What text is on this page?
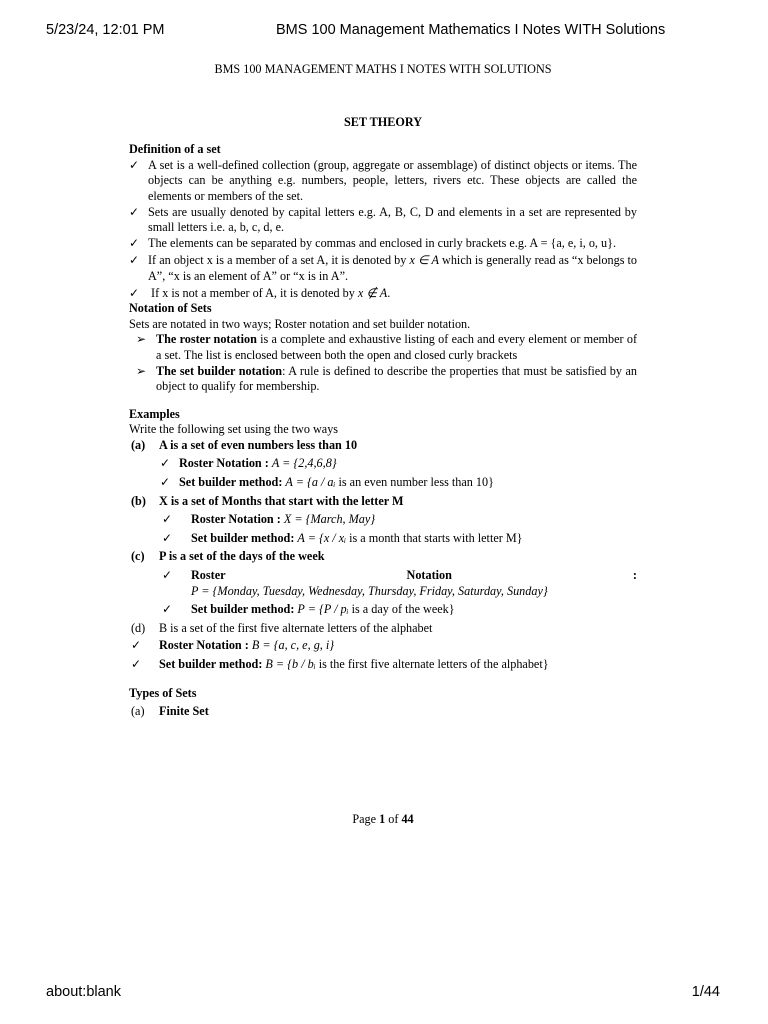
5/23/24, 12:01 PM	BMS 100 Management Mathematics I Notes WITH Solutions
BMS 100 MANAGEMENT MATHS I NOTES WITH SOLUTIONS
SET THEORY
Definition of a set
✓ A set is a well-defined collection (group, aggregate or assemblage) of distinct objects or items. The objects can be anything e.g. numbers, people, letters, rivers etc. These objects are called the elements or members of the set.
✓ Sets are usually denoted by capital letters e.g. A, B, C, D and elements in a set are represented by small letters i.e. a, b, c, d, e.
✓ The elements can be separated by commas and enclosed in curly brackets e.g. A = {a, e, i, o, u}.
✓ If an object x is a member of a set A, it is denoted by x ∈ A which is generally read as “x belongs to A”, “x is an element of A” or “x is in A”.
✓ If x is not a member of A, it is denoted by x ∉ A.
Notation of Sets
Sets are notated in two ways; Roster notation and set builder notation.
➢ The roster notation is a complete and exhaustive listing of each and every element or member of a set. The list is enclosed between both the open and closed curly brackets
➢ The set builder notation: A rule is defined to describe the properties that must be satisfied by an object to qualify for membership.
Examples
Write the following set using the two ways
(a) A is a set of even numbers less than 10
✓ Roster Notation : A = {2,4,6,8}
✓ Set builder method: A = {a / aᵢ is an even number less than 10}
(b) X is a set of Months that start with the letter M
✓ Roster Notation : X = {March, May}
✓ Set builder method: A = {x / xᵢ is a month that starts with letter M}
(c) P is a set of the days of the week
✓ Roster	Notation	:
P = {Monday, Tuesday, Wednesday, Thursday, Friday, Saturday, Sunday}
✓ Set builder method: P = {P / pᵢ is a day of the week}
(d) B is a set of the first five alternate letters of the alphabet
✓ Roster Notation : B = {a, c, e, g, i}
✓ Set builder method: B = {b / bᵢ is the first five alternate letters of the alphabet}
Types of Sets
(a) Finite Set
Page 1 of 44
about:blank	1/44
